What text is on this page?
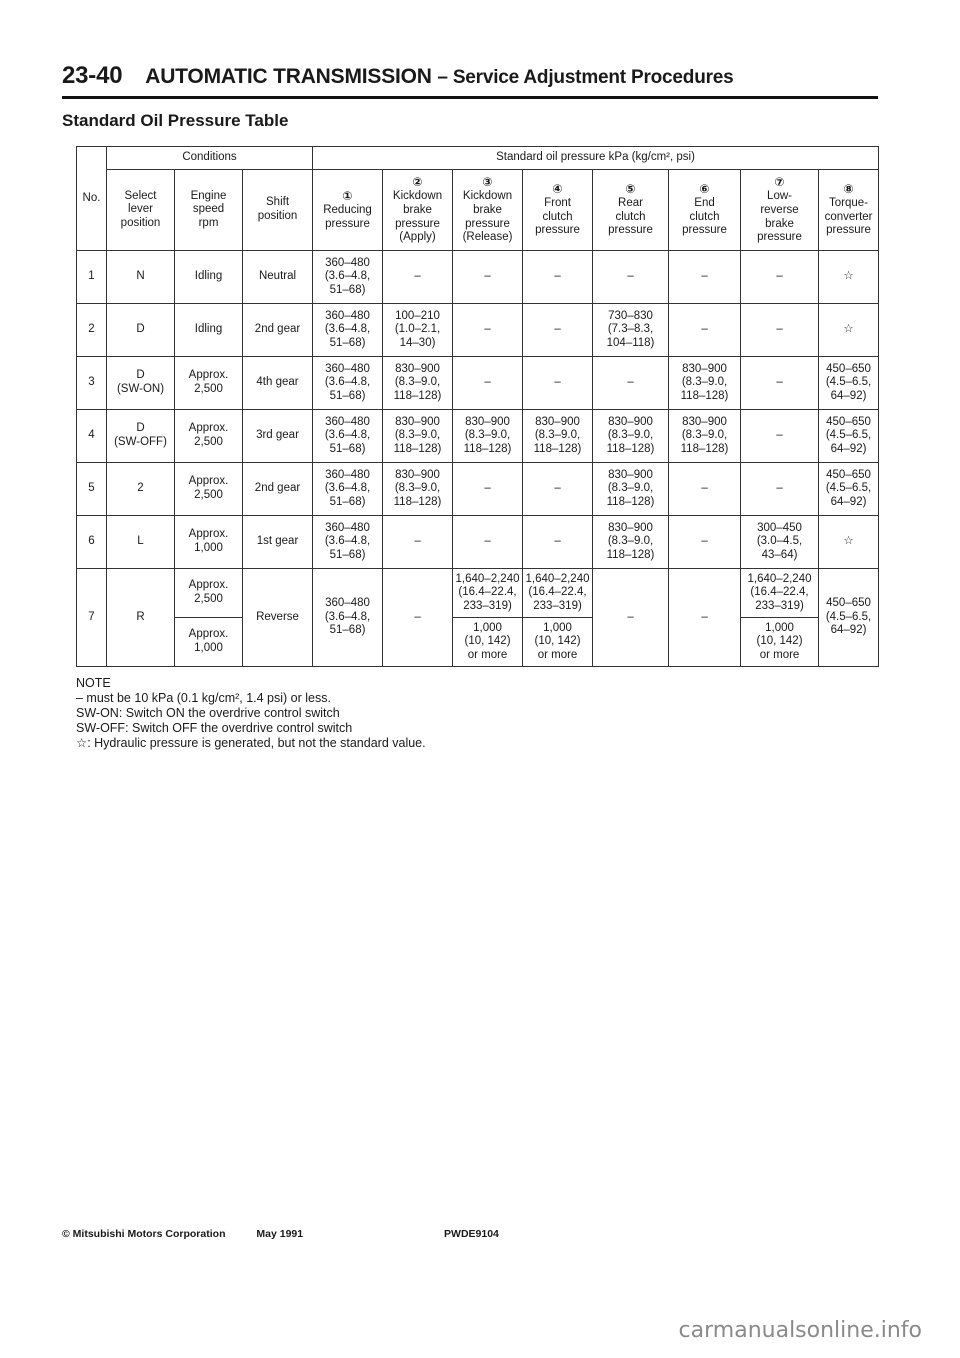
23-40 AUTOMATIC TRANSMISSION – Service Adjustment Procedures
Standard Oil Pressure Table
No.	Conditions			Standard oil pressure kPa (kg/cm², psi)							
	Select
lever
position	Engine
speed
rpm	Shift
position	①
Reducing
pressure	②
Kickdown
brake
pressure
(Apply)	③
Kickdown
brake
pressure
(Release)	④
Front
clutch
pressure	⑤
Rear
clutch
pressure	⑥
End
clutch
pressure	⑦
Low-
reverse
brake
pressure	⑧
Torque-
converter
pressure
1	N	Idling	Neutral	360–480
(3.6–4.8,
51–68)	–	–	–	–	–	–	☆
2	D	Idling	2nd gear	360–480
(3.6–4.8,
51–68)	100–210
(1.0–2.1,
14–30)	–	–	730–830
(7.3–8.3,
104–118)	–	–	☆
3	D
(SW-ON)	Approx.
2,500	4th gear	360–480
(3.6–4.8,
51–68)	830–900
(8.3–9.0,
118–128)	–	–	–	830–900
(8.3–9.0,
118–128)	–	450–650
(4.5–6.5,
64–92)
4	D
(SW-OFF)	Approx.
2,500	3rd gear	360–480
(3.6–4.8,
51–68)	830–900
(8.3–9.0,
118–128)	830–900
(8.3–9.0,
118–128)	830–900
(8.3–9.0,
118–128)	830–900
(8.3–9.0,
118–128)	830–900
(8.3–9.0,
118–128)	–	450–650
(4.5–6.5,
64–92)
5	2	Approx.
2,500	2nd gear	360–480
(3.6–4.8,
51–68)	830–900
(8.3–9.0,
118–128)	–	–	830–900
(8.3–9.0,
118–128)	–	–	450–650
(4.5–6.5,
64–92)
6	L	Approx.
1,000	1st gear	360–480
(3.6–4.8,
51–68)	–	–	–	830–900
(8.3–9.0,
118–128)	–	300–450
(3.0–4.5,
43–64)	☆
7	R	Approx.
2,500	Reverse	360–480
(3.6–4.8,
51–68)	–	1,640–2,240
(16.4–22.4,
233–319)	1,640–2,240
(16.4–22.4,
233–319)	–	–	1,640–2,240
(16.4–22.4,
233–319)	450–650
(4.5–6.5,
64–92)
		Approx.
1,000				1,000
(10, 142)
or more	1,000
(10, 142)
or more			1,000
(10, 142)
or more	
NOTE
– must be 10 kPa (0.1 kg/cm², 1.4 psi) or less.
SW-ON: Switch ON the overdrive control switch
SW-OFF: Switch OFF the overdrive control switch
☆: Hydraulic pressure is generated, but not the standard value.
© Mitsubishi Motors Corporation	May 1991	PWDE9104
carmanualsonline.info
